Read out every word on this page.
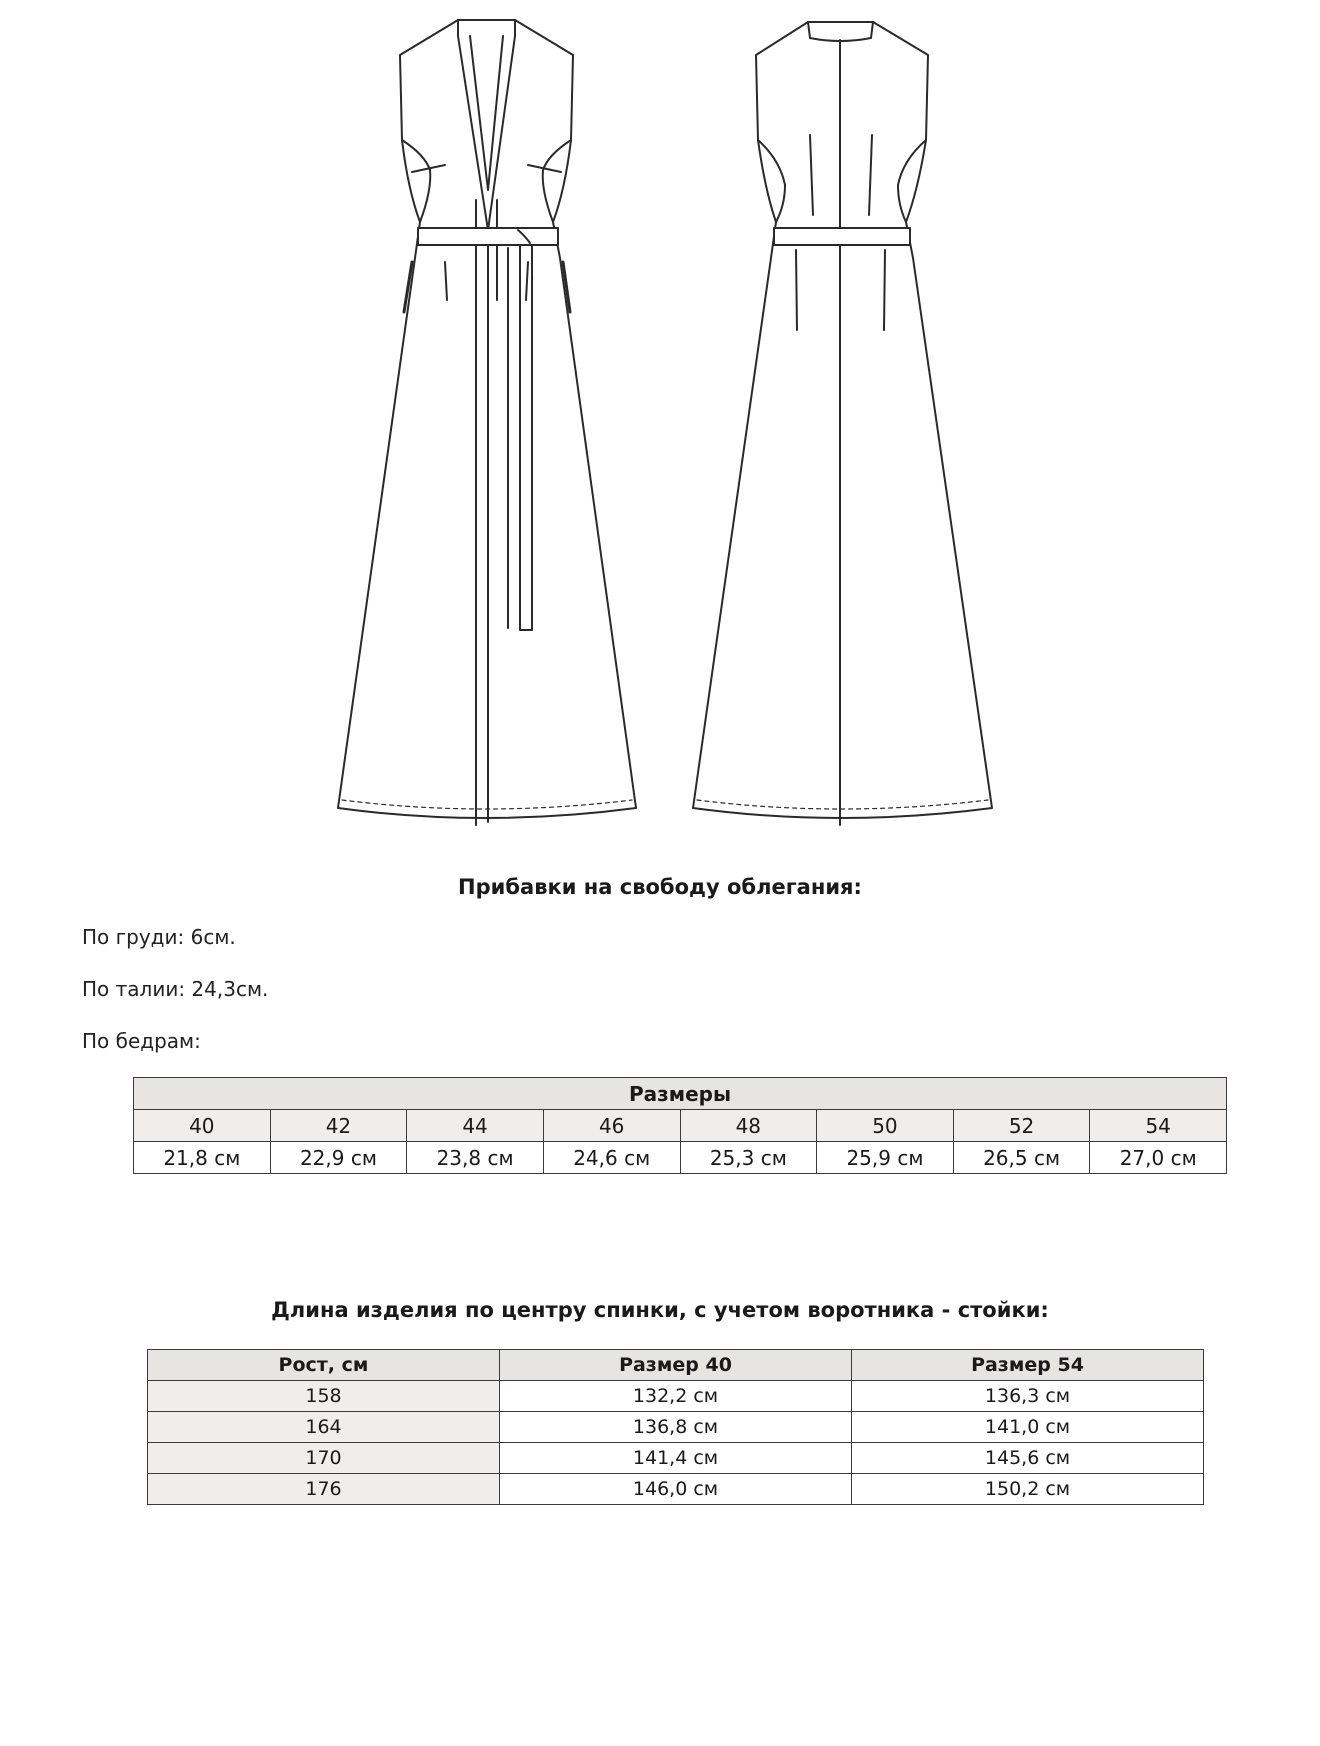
Прибавки на свободу облегания:
По груди: 6см.
По талии: 24,3см.
По бедрам:
Размеры							
40	42	44	46	48	50	52	54
21,8 см	22,9 см	23,8 см	24,6 см	25,3 см	25,9 см	26,5 см	27,0 см
Длина изделия по центру спинки, с учетом воротника - стойки:
Рост, см	Размер 40	Размер 54
158	132,2 см	136,3 см
164	136,8 см	141,0 см
170	141,4 см	145,6 см
176	146,0 см	150,2 см
